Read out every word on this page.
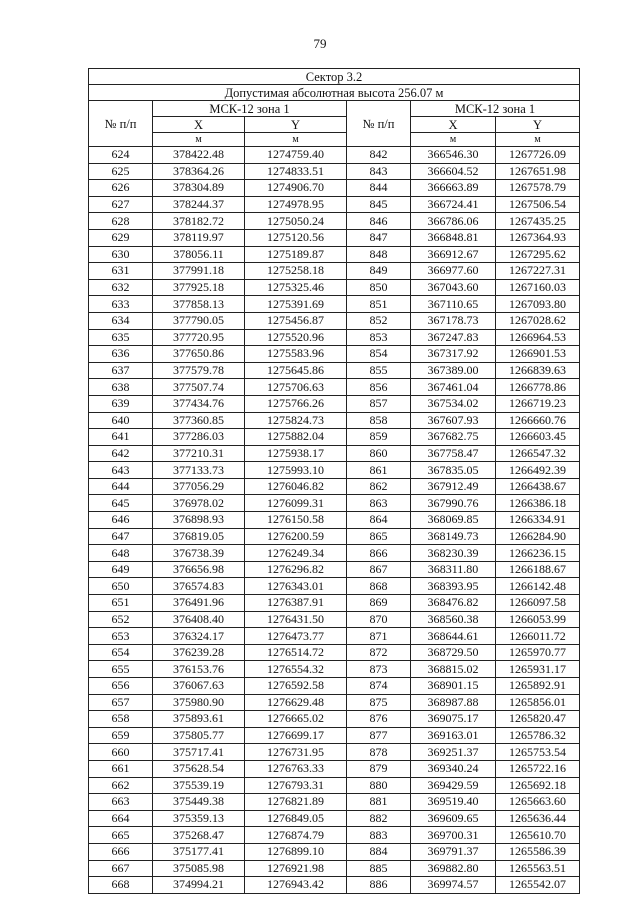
79
Сектор 3.2					
Допустимая абсолютная высота 256.07 м					
№ п/п	МСК-12 зона 1		№ п/п	МСК-12 зона 1	
	X	Y		X	Y
	м	м		м	м
624	378422.48	1274759.40	842	366546.30	1267726.09
625	378364.26	1274833.51	843	366604.52	1267651.98
626	378304.89	1274906.70	844	366663.89	1267578.79
627	378244.37	1274978.95	845	366724.41	1267506.54
628	378182.72	1275050.24	846	366786.06	1267435.25
629	378119.97	1275120.56	847	366848.81	1267364.93
630	378056.11	1275189.87	848	366912.67	1267295.62
631	377991.18	1275258.18	849	366977.60	1267227.31
632	377925.18	1275325.46	850	367043.60	1267160.03
633	377858.13	1275391.69	851	367110.65	1267093.80
634	377790.05	1275456.87	852	367178.73	1267028.62
635	377720.95	1275520.96	853	367247.83	1266964.53
636	377650.86	1275583.96	854	367317.92	1266901.53
637	377579.78	1275645.86	855	367389.00	1266839.63
638	377507.74	1275706.63	856	367461.04	1266778.86
639	377434.76	1275766.26	857	367534.02	1266719.23
640	377360.85	1275824.73	858	367607.93	1266660.76
641	377286.03	1275882.04	859	367682.75	1266603.45
642	377210.31	1275938.17	860	367758.47	1266547.32
643	377133.73	1275993.10	861	367835.05	1266492.39
644	377056.29	1276046.82	862	367912.49	1266438.67
645	376978.02	1276099.31	863	367990.76	1266386.18
646	376898.93	1276150.58	864	368069.85	1266334.91
647	376819.05	1276200.59	865	368149.73	1266284.90
648	376738.39	1276249.34	866	368230.39	1266236.15
649	376656.98	1276296.82	867	368311.80	1266188.67
650	376574.83	1276343.01	868	368393.95	1266142.48
651	376491.96	1276387.91	869	368476.82	1266097.58
652	376408.40	1276431.50	870	368560.38	1266053.99
653	376324.17	1276473.77	871	368644.61	1266011.72
654	376239.28	1276514.72	872	368729.50	1265970.77
655	376153.76	1276554.32	873	368815.02	1265931.17
656	376067.63	1276592.58	874	368901.15	1265892.91
657	375980.90	1276629.48	875	368987.88	1265856.01
658	375893.61	1276665.02	876	369075.17	1265820.47
659	375805.77	1276699.17	877	369163.01	1265786.32
660	375717.41	1276731.95	878	369251.37	1265753.54
661	375628.54	1276763.33	879	369340.24	1265722.16
662	375539.19	1276793.31	880	369429.59	1265692.18
663	375449.38	1276821.89	881	369519.40	1265663.60
664	375359.13	1276849.05	882	369609.65	1265636.44
665	375268.47	1276874.79	883	369700.31	1265610.70
666	375177.41	1276899.10	884	369791.37	1265586.39
667	375085.98	1276921.98	885	369882.80	1265563.51
668	374994.21	1276943.42	886	369974.57	1265542.07
